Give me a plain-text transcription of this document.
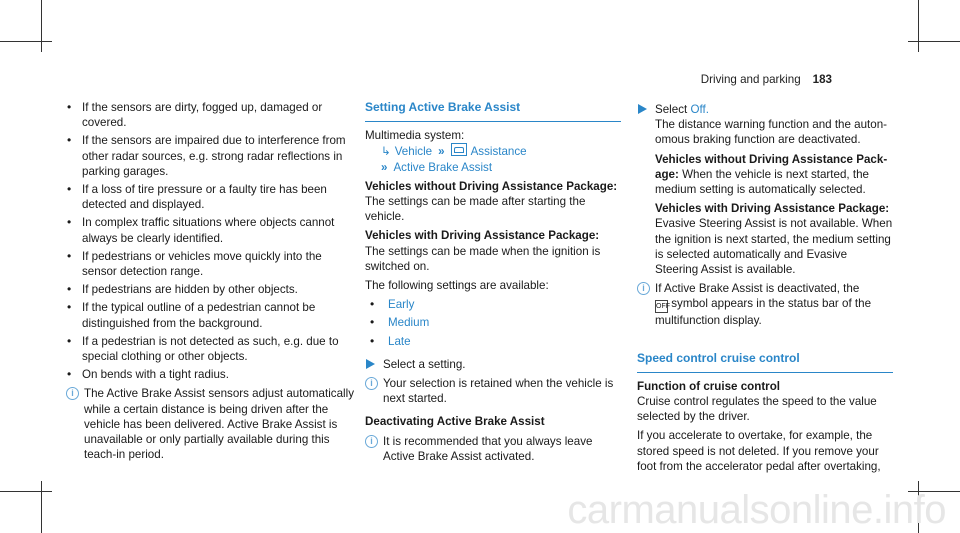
Driving and parking 183
• If the sensors are dirty, fogged up, damaged or covered.
• If the sensors are impaired due to interference from other radar sources, e.g. strong radar reflections in parking garages.
• If a loss of tire pressure or a faulty tire has been detected and displayed.
• In complex traffic situations where objects cannot always be clearly identified.
• If pedestrians or vehicles move quickly into the sensor detection range.
• If pedestrians are hidden by other objects.
• If the typical outline of a pedestrian cannot be distinguished from the background.
• If a pedestrian is not detected as such, e.g. due to special clothing or other objects.
• On bends with a tight radius.
i The Active Brake Assist sensors adjust automatically while a certain distance is being driven after the vehicle has been delivered. Active Brake Assist is unavailable or only partially available during this teach-in period.
Setting Active Brake Assist

Multimedia system:

↳ Vehicle » Assistance

» Active Brake Assist

Vehicles without Driving Assistance Package: The settings can be made after starting the vehicle.

Vehicles with Driving Assistance Package:
The settings can be made when the ignition is switched on.

The following settings are available:

• Early
• Medium
• Late
Select a setting.
i Your selection is retained when the vehicle is next started.

Deactivating Active Brake Assist

i It is recommended that you always leave Active Brake Assist activated.
Select Off.
The distance warning function and the autonomous braking function are deactivated.

Vehicles without Driving Assistance Package: When the vehicle is next started, the medium setting is automatically selected.

Vehicles with Driving Assistance Package: Evasive Steering Assist is not available. When the ignition is next started, the medium setting is selected automatically and Evasive Steering Assist is available.

i If Active Brake Assist is deactivated, the
OFF symbol appears in the status bar of the multifunction display.
Speed control cruise control

Function of cruise control

Cruise control regulates the speed to the value selected by the driver.

If you accelerate to overtake, for example, the stored speed is not deleted. If you remove your foot from the accelerator pedal after overtaking,

carmanualsonline.info
